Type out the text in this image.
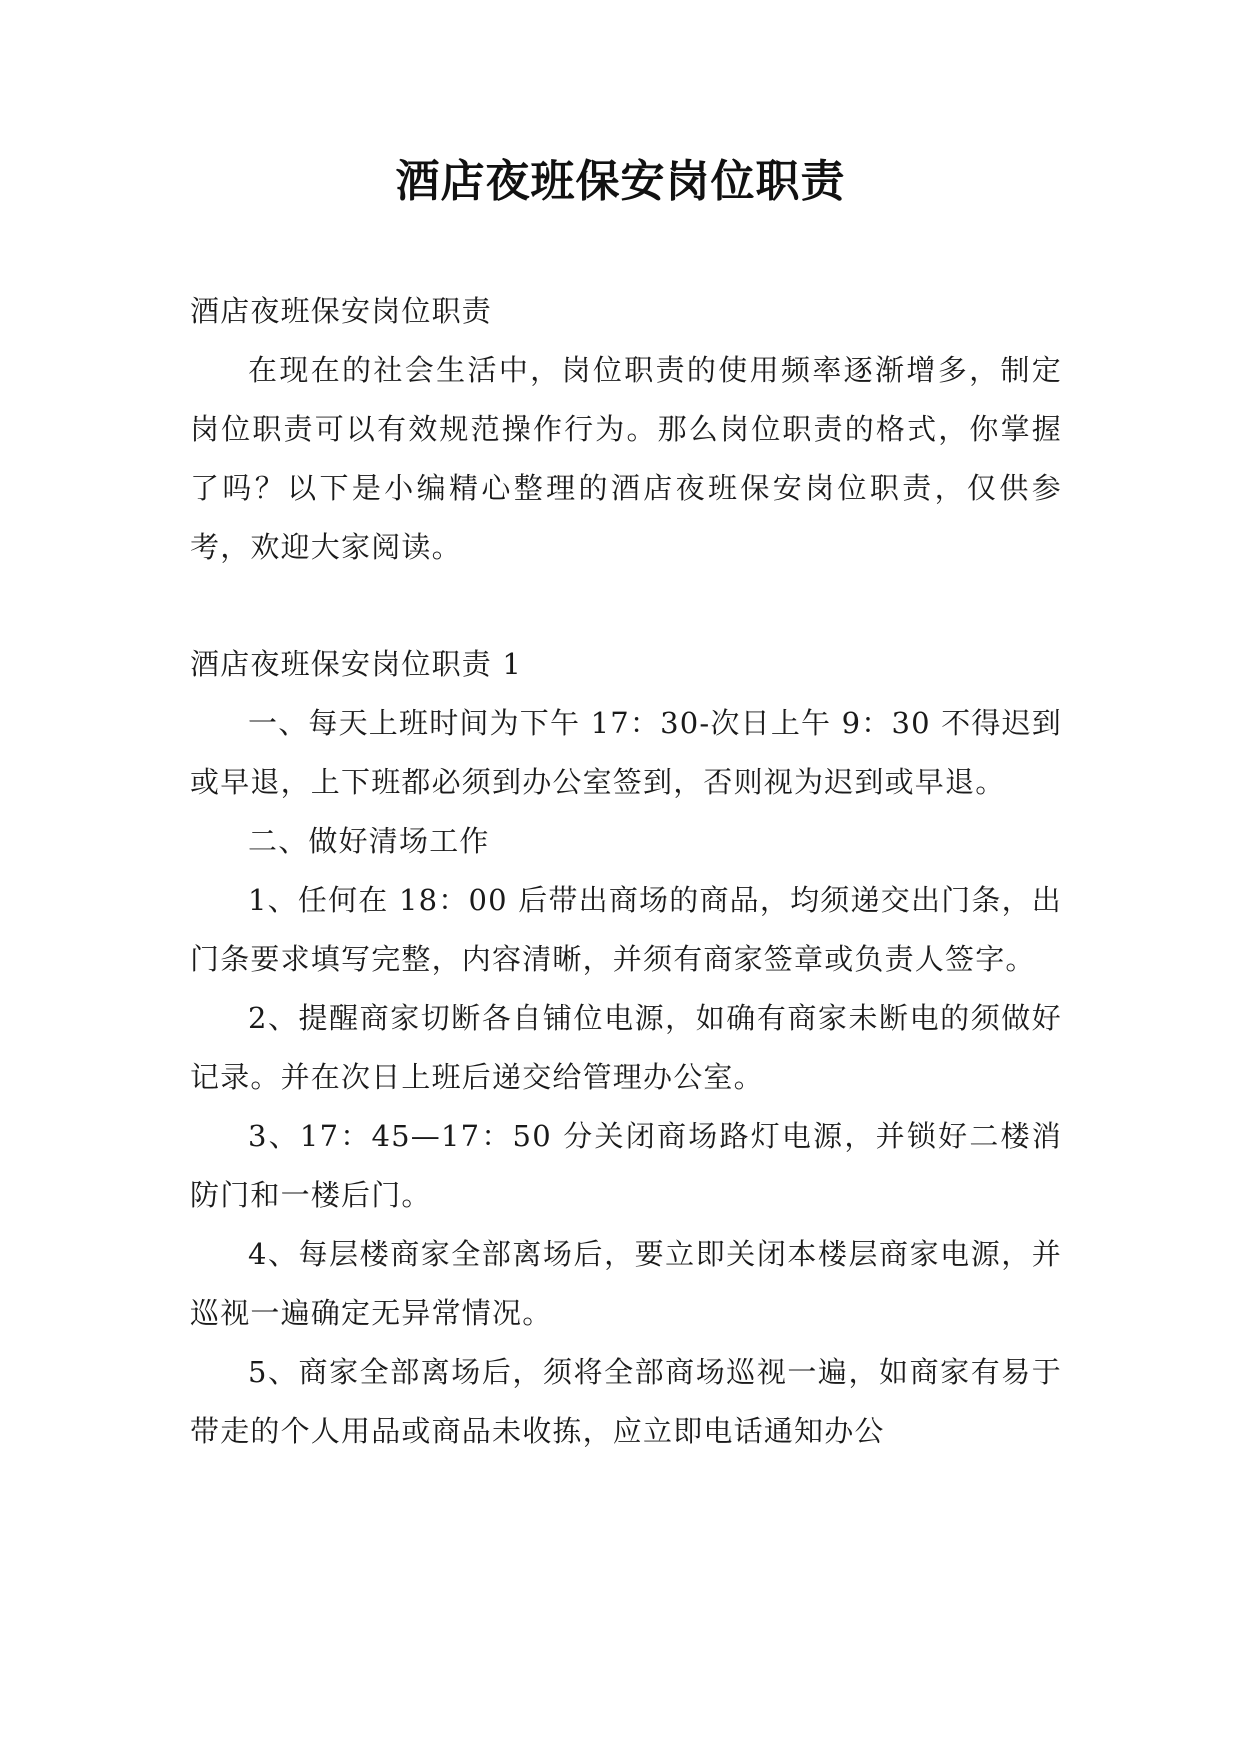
酒店夜班保安岗位职责

酒店夜班保安岗位职责

在现在的社会生活中，岗位职责的使用频率逐渐增多，制定岗位职责可以有效规范操作行为。那么岗位职责的格式，你掌握了吗？以下是小编精心整理的酒店夜班保安岗位职责，仅供参考，欢迎大家阅读。

酒店夜班保安岗位职责 1

一、每天上班时间为下午 17：30-次日上午 9：30 不得迟到或早退，上下班都必须到办公室签到，否则视为迟到或早退。

二、做好清场工作

1、任何在 18：00 后带出商场的商品，均须递交出门条，出门条要求填写完整，内容清晰，并须有商家签章或负责人签字。

2、提醒商家切断各自铺位电源，如确有商家未断电的须做好记录。并在次日上班后递交给管理办公室。

3、17：45—17：50 分关闭商场路灯电源，并锁好二楼消防门和一楼后门。

4、每层楼商家全部离场后，要立即关闭本楼层商家电源，并巡视一遍确定无异常情况。

5、商家全部离场后，须将全部商场巡视一遍，如商家有易于带走的个人用品或商品未收拣，应立即电话通知办公
